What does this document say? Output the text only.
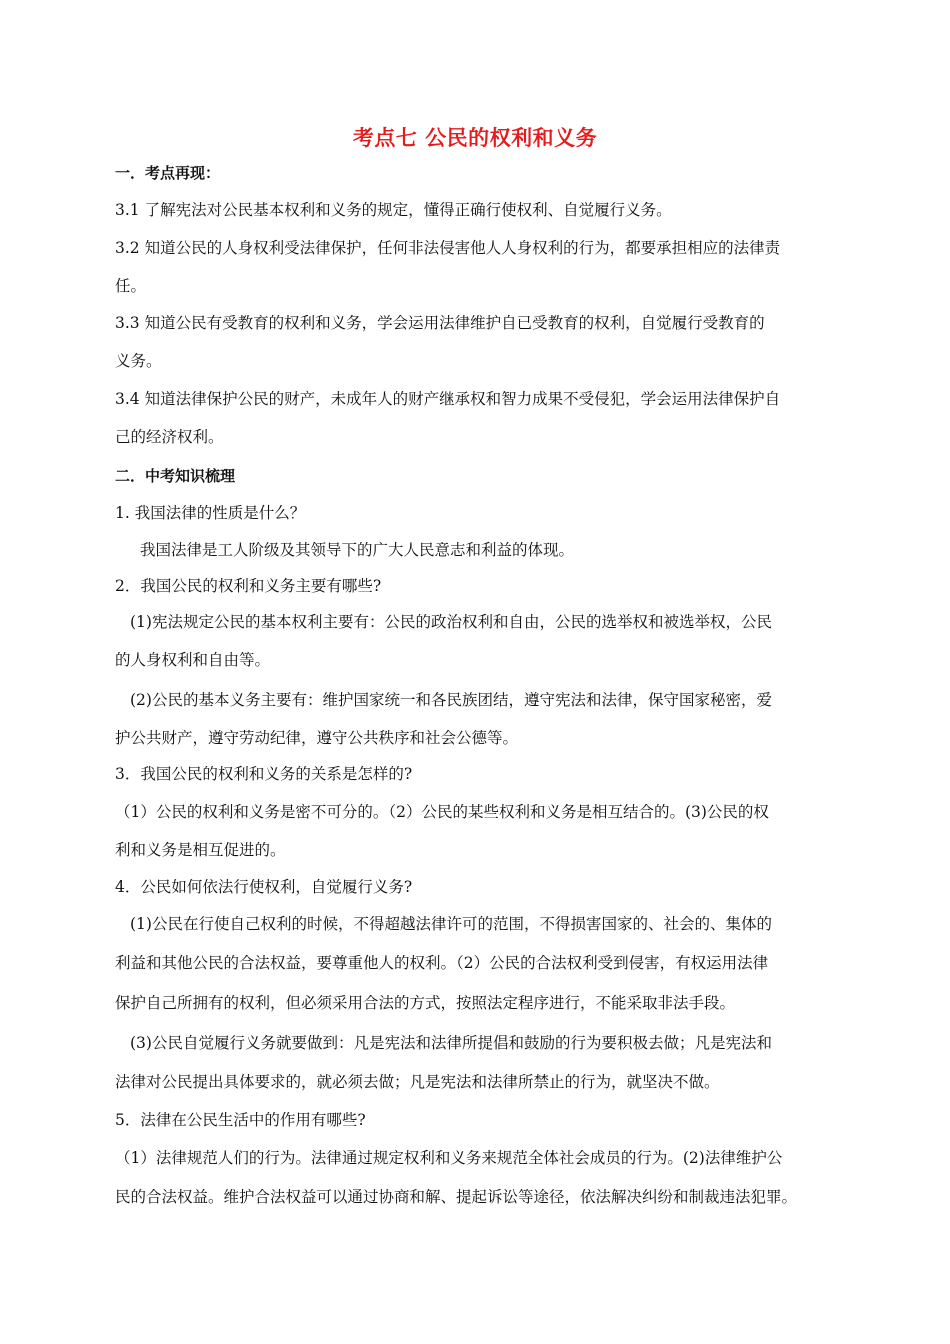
考点七 公民的权利和义务
一．考点再现：
3.1 了解宪法对公民基本权利和义务的规定，懂得正确行使权利、自觉履行义务。
3.2 知道公民的人身权利受法律保护，任何非法侵害他人人身权利的行为，都要承担相应的法律责
任。
3.3 知道公民有受教育的权利和义务，学会运用法律维护自已受教育的权利，自觉履行受教育的
义务。
3.4 知道法律保护公民的财产，未成年人的财产继承权和智力成果不受侵犯，学会运用法律保护自
己的经济权利。
二．中考知识梳理
1. 我国法律的性质是什么？
我国法律是工人阶级及其领导下的广大人民意志和利益的体现。
2．我国公民的权利和义务主要有哪些?
(1)宪法规定公民的基本权利主要有：公民的政治权利和自由，公民的选举权和被选举权，公民
的人身权利和自由等。
(2)公民的基本义务主要有：维护国家统一和各民族团结，遵守宪法和法律，保守国家秘密，爱
护公共财产，遵守劳动纪律，遵守公共秩序和社会公德等。
3．我国公民的权利和义务的关系是怎样的?
（1）公民的权利和义务是密不可分的。（2）公民的某些权利和义务是相互结合的。(3)公民的权
利和义务是相互促进的。
4．公民如何依法行使权利，自觉履行义务?
(1)公民在行使自己权利的时候，不得超越法律许可的范围，不得损害国家的、社会的、集体的
利益和其他公民的合法权益，要尊重他人的权利。（2）公民的合法权利受到侵害，有权运用法律
保护自己所拥有的权利，但必须采用合法的方式，按照法定程序进行，不能采取非法手段。
(3)公民自觉履行义务就要做到：凡是宪法和法律所提倡和鼓励的行为要积极去做；凡是宪法和
法律对公民提出具体要求的，就必须去做；凡是宪法和法律所禁止的行为，就坚决不做。
5．法律在公民生活中的作用有哪些?
（1）法律规范人们的行为。法律通过规定权利和义务来规范全体社会成员的行为。(2)法律维护公
民的合法权益。维护合法权益可以通过协商和解、提起诉讼等途径，依法解决纠纷和制裁违法犯罪。
